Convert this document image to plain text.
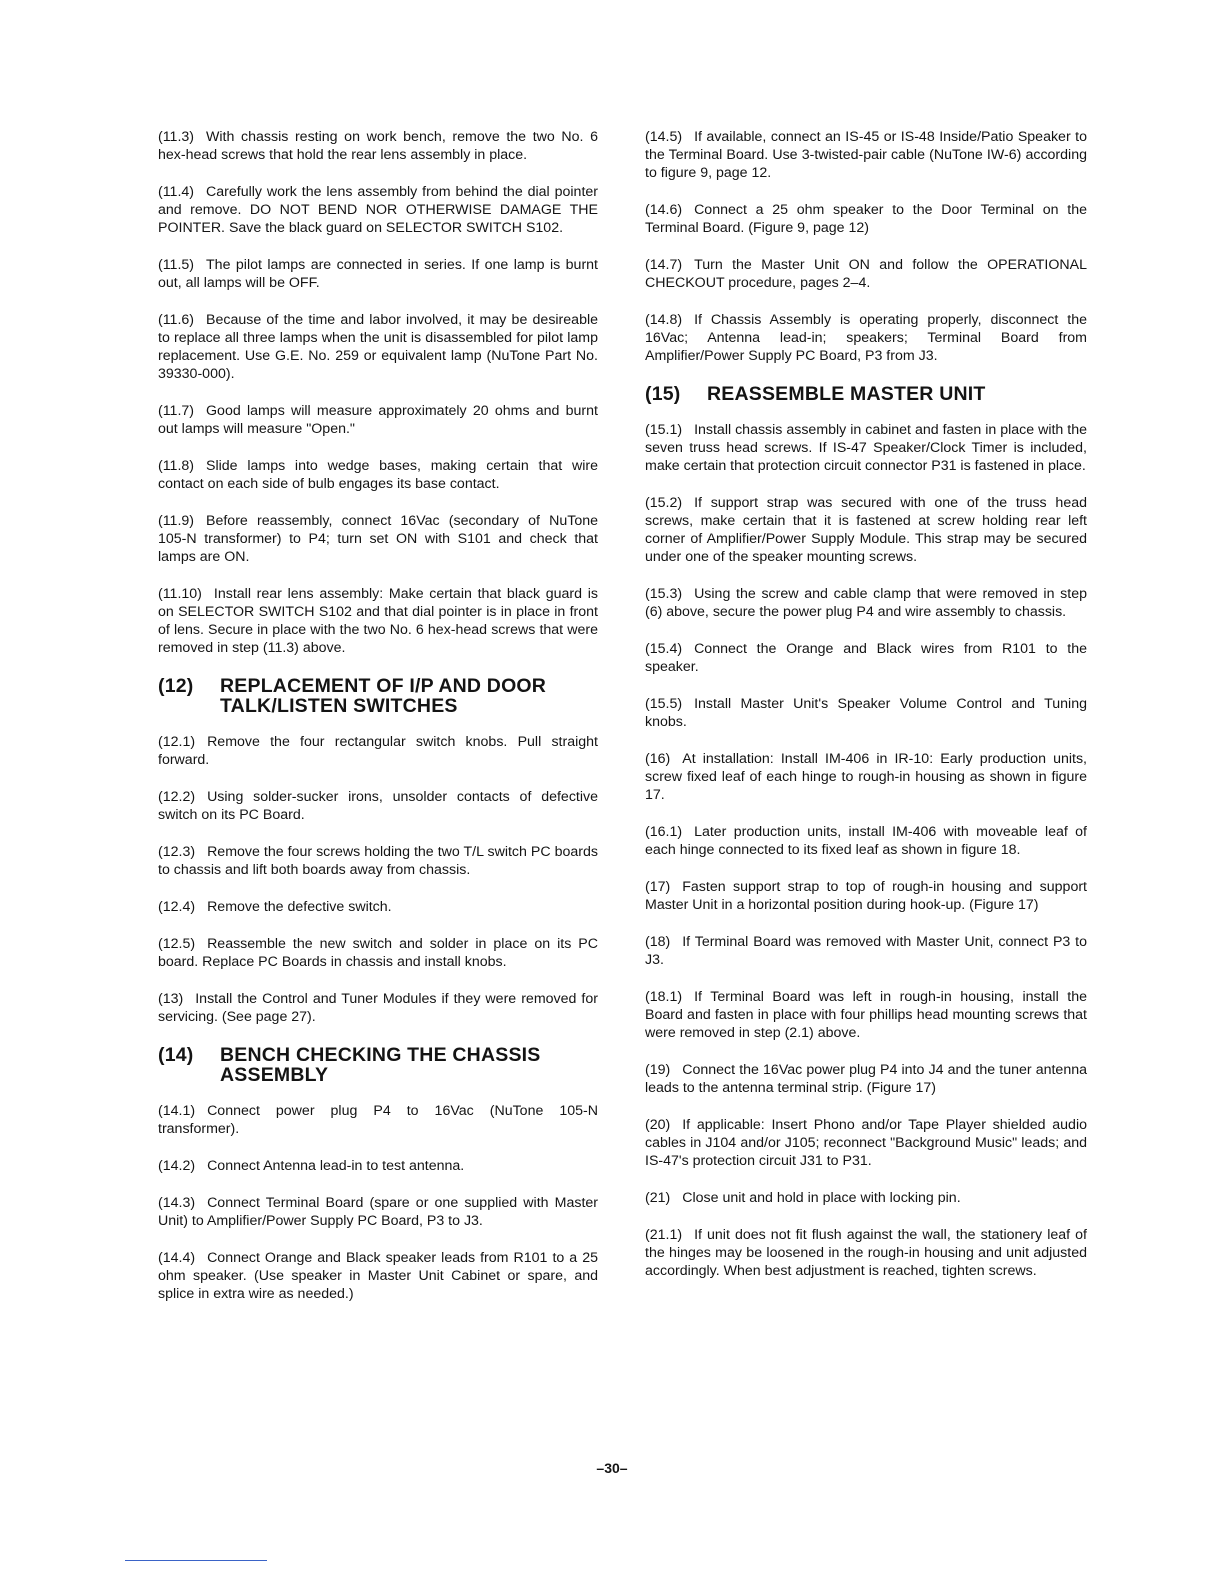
(11.3) With chassis resting on work bench, remove the two No. 6 hex-head screws that hold the rear lens assembly in place.

(11.4) Carefully work the lens assembly from behind the dial pointer and remove. DO NOT BEND NOR OTHERWISE DAMAGE THE POINTER. Save the black guard on SELECTOR SWITCH S102.

(11.5) The pilot lamps are connected in series. If one lamp is burnt out, all lamps will be OFF.

(11.6) Because of the time and labor involved, it may be desireable to replace all three lamps when the unit is disassembled for pilot lamp replacement. Use G.E. No. 259 or equivalent lamp (NuTone Part No. 39330-000).

(11.7) Good lamps will measure approximately 20 ohms and burnt out lamps will measure "Open."

(11.8) Slide lamps into wedge bases, making certain that wire contact on each side of bulb engages its base contact.

(11.9) Before reassembly, connect 16Vac (secondary of NuTone 105-N transformer) to P4; turn set ON with S101 and check that lamps are ON.

(11.10) Install rear lens assembly: Make certain that black guard is on SELECTOR SWITCH S102 and that dial pointer is in place in front of lens. Secure in place with the two No. 6 hex-head screws that were removed in step (11.3) above.

(12)	REPLACEMENT OF I/P AND DOOR TALK/LISTEN SWITCHES

(12.1) Remove the four rectangular switch knobs. Pull straight forward.

(12.2) Using solder-sucker irons, unsolder contacts of defective switch on its PC Board.

(12.3) Remove the four screws holding the two T/L switch PC boards to chassis and lift both boards away from chassis.

(12.4) Remove the defective switch.

(12.5) Reassemble the new switch and solder in place on its PC board. Replace PC Boards in chassis and install knobs.

(13) Install the Control and Tuner Modules if they were removed for servicing. (See page 27).

(14)	BENCH CHECKING THE CHASSIS ASSEMBLY

(14.1) Connect power plug P4 to 16Vac (NuTone 105-N transformer).

(14.2) Connect Antenna lead-in to test antenna.

(14.3) Connect Terminal Board (spare or one supplied with Master Unit) to Amplifier/Power Supply PC Board, P3 to J3.

(14.4) Connect Orange and Black speaker leads from R101 to a 25 ohm speaker. (Use speaker in Master Unit Cabinet or spare, and splice in extra wire as needed.)

(14.5) If available, connect an IS-45 or IS-48 Inside/Patio Speaker to the Terminal Board. Use 3-twisted-pair cable (NuTone IW-6) according to figure 9, page 12.

(14.6) Connect a 25 ohm speaker to the Door Terminal on the Terminal Board. (Figure 9, page 12)

(14.7) Turn the Master Unit ON and follow the OPERATIONAL CHECKOUT procedure, pages 2–4.

(14.8) If Chassis Assembly is operating properly, disconnect the 16Vac; Antenna lead-in; speakers; Terminal Board from Amplifier/Power Supply PC Board, P3 from J3.

(15)	REASSEMBLE MASTER UNIT

(15.1) Install chassis assembly in cabinet and fasten in place with the seven truss head screws. If IS-47 Speaker/Clock Timer is included, make certain that protection circuit connector P31 is fastened in place.

(15.2) If support strap was secured with one of the truss head screws, make certain that it is fastened at screw holding rear left corner of Amplifier/Power Supply Module. This strap may be secured under one of the speaker mounting screws.

(15.3) Using the screw and cable clamp that were removed in step (6) above, secure the power plug P4 and wire assembly to chassis.

(15.4) Connect the Orange and Black wires from R101 to the speaker.

(15.5) Install Master Unit's Speaker Volume Control and Tuning knobs.

(16) At installation: Install IM-406 in IR-10: Early production units, screw fixed leaf of each hinge to rough-in housing as shown in figure 17.

(16.1) Later production units, install IM-406 with moveable leaf of each hinge connected to its fixed leaf as shown in figure 18.

(17) Fasten support strap to top of rough-in housing and support Master Unit in a horizontal position during hook-up. (Figure 17)

(18) If Terminal Board was removed with Master Unit, connect P3 to J3.

(18.1) If Terminal Board was left in rough-in housing, install the Board and fasten in place with four phillips head mounting screws that were removed in step (2.1) above.

(19) Connect the 16Vac power plug P4 into J4 and the tuner antenna leads to the antenna terminal strip. (Figure 17)

(20) If applicable: Insert Phono and/or Tape Player shielded audio cables in J104 and/or J105; reconnect "Background Music" leads; and IS-47's protection circuit J31 to P31.

(21) Close unit and hold in place with locking pin.

(21.1) If unit does not fit flush against the wall, the stationery leaf of the hinges may be loosened in the rough-in housing and unit adjusted accordingly. When best adjustment is reached, tighten screws.

–30–
